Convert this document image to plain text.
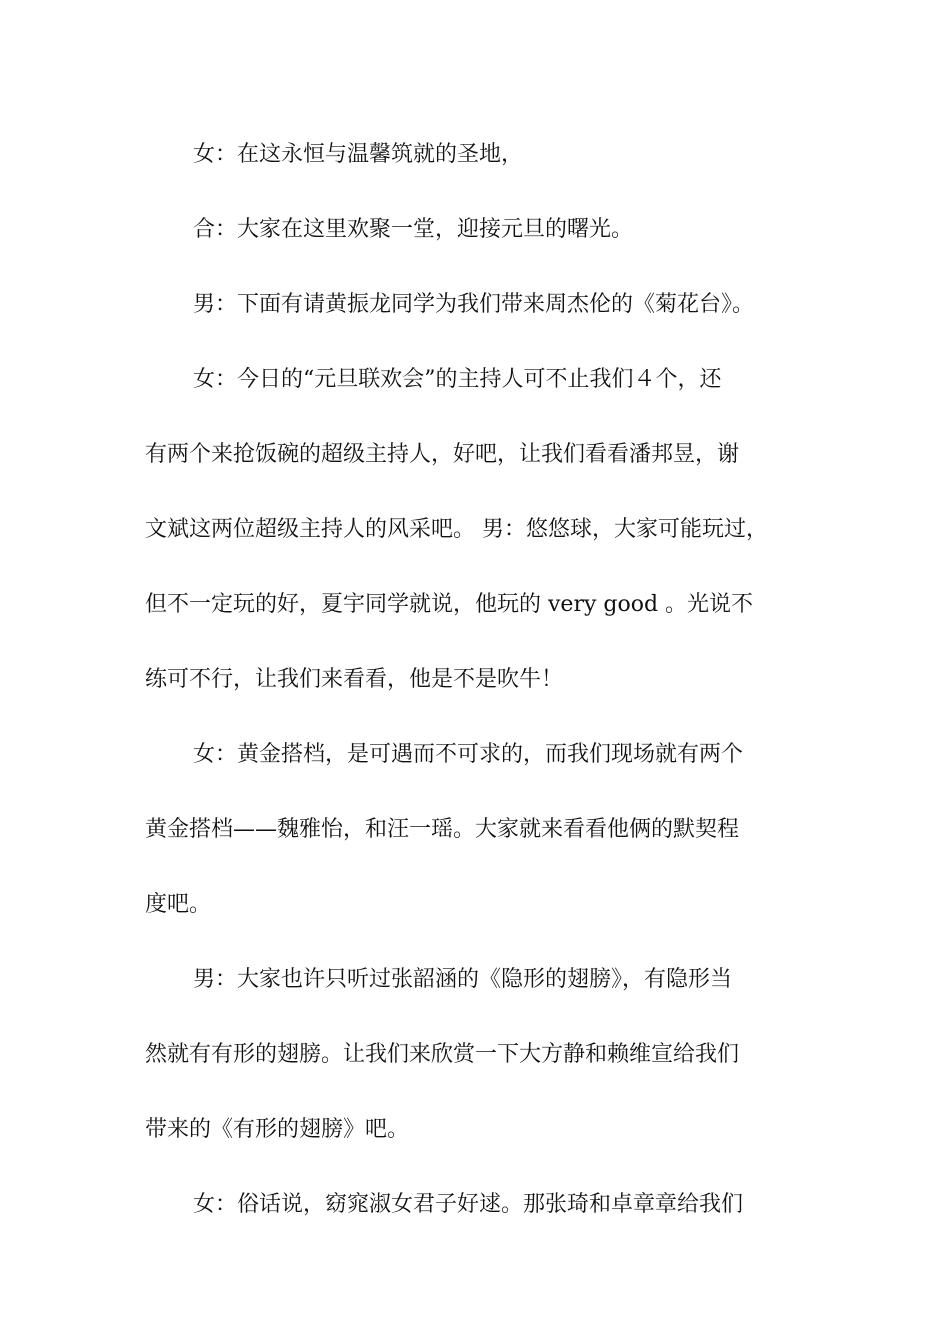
女：在这永恒与温馨筑就的圣地，
合：大家在这里欢聚一堂，迎接元旦的曙光。
男：下面有请黄振龙同学为我们带来周杰伦的《菊花台》。
女：今日的“元旦联欢会”的主持人可不止我们４个，还
有两个来抢饭碗的超级主持人，好吧，让我们看看潘邦昱，谢
文斌这两位超级主持人的风采吧。 男：悠悠球，大家可能玩过，
但不一定玩的好，夏宇同学就说，他玩的 very good 。光说不
练可不行，让我们来看看，他是不是吹牛！
女：黄金搭档，是可遇而不可求的，而我们现场就有两个
黄金搭档——魏雅怡，和汪一瑶。大家就来看看他俩的默契程
度吧。
男：大家也许只听过张韶涵的《隐形的翅膀》，有隐形当
然就有有形的翅膀。让我们来欣赏一下大方静和赖维宣给我们
带来的《有形的翅膀》吧。
女：俗话说，窈窕淑女君子好逑。那张琦和卓章章给我们
